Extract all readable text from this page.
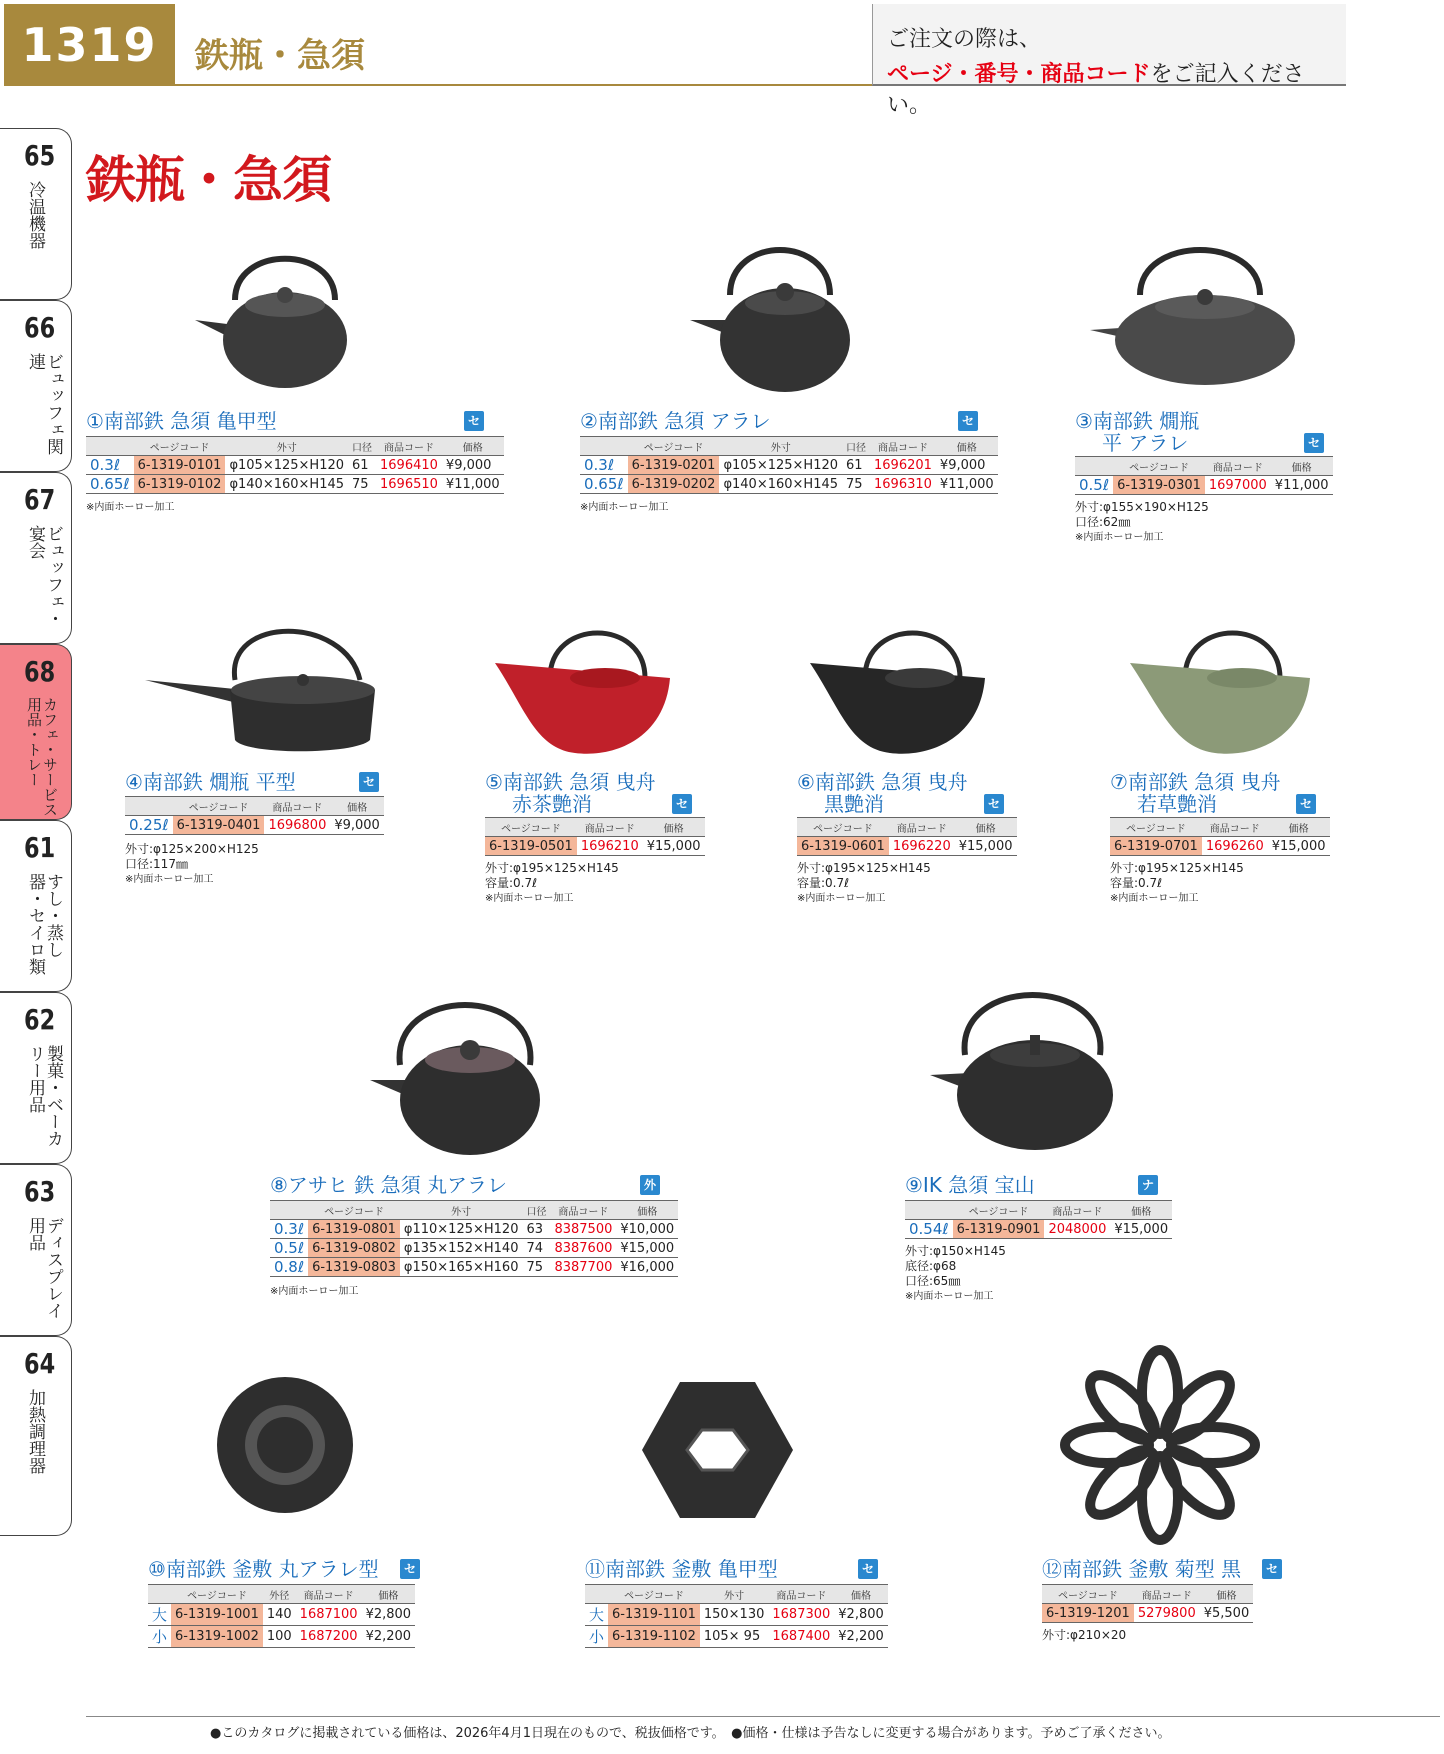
1319	鉄瓶・急須	ご注文の際は、
ページ・番号・商品コードをご記入ください。
65
冷温機器
66
ビュッフェ関連
67
ビュッフェ・宴会
68
カフェ・サービス用品・トレー
61
すし・蒸し器・セイロ類
62
製菓・ベーカリー用品
63
ディスプレイ用品
64
加熱調理器
鉄瓶・急須
①南部鉄 急須 亀甲型	セ
	ページコード	外寸	口径	商品コード	価格
0.3ℓ	6-1319-0101	φ105×125×H120	61	1696410	¥9,000
0.65ℓ	6-1319-0102	φ140×160×H145	75	1696510	¥11,000
※内面ホーロー加工
②南部鉄 急須 アラレ	セ
	ページコード	外寸	口径	商品コード	価格
0.3ℓ	6-1319-0201	φ105×125×H120	61	1696201	¥9,000
0.65ℓ	6-1319-0202	φ140×160×H145	75	1696310	¥11,000
※内面ホーロー加工
③南部鉄 燗瓶
平 アラレ	セ
	ページコード	商品コード	価格
0.5ℓ	6-1319-0301	1697000	¥11,000
外寸:φ155×190×H125
口径:62㎜
※内面ホーロー加工
④南部鉄 燗瓶 平型	セ
	ページコード	商品コード	価格
0.25ℓ	6-1319-0401	1696800	¥9,000
外寸:φ125×200×H125
口径:117㎜
※内面ホーロー加工
⑤南部鉄 急須 曳舟
赤茶艶消	セ
ページコード	商品コード	価格
6-1319-0501	1696210	¥15,000
外寸:φ195×125×H145
容量:0.7ℓ
※内面ホーロー加工
⑥南部鉄 急須 曳舟
黒艶消	セ
ページコード	商品コード	価格
6-1319-0601	1696220	¥15,000
外寸:φ195×125×H145
容量:0.7ℓ
※内面ホーロー加工
⑦南部鉄 急須 曳舟
若草艶消	セ
ページコード	商品コード	価格
6-1319-0701	1696260	¥15,000
外寸:φ195×125×H145
容量:0.7ℓ
※内面ホーロー加工
⑧アサヒ 鉄 急須 丸アラレ	外
	ページコード	外寸	口径	商品コード	価格
0.3ℓ	6-1319-0801	φ110×125×H120	63	8387500	¥10,000
0.5ℓ	6-1319-0802	φ135×152×H140	74	8387600	¥15,000
0.8ℓ	6-1319-0803	φ150×165×H160	75	8387700	¥16,000
※内面ホーロー加工
⑨IK 急須 宝山	ナ
	ページコード	商品コード	価格
0.54ℓ	6-1319-0901	2048000	¥15,000
外寸:φ150×H145
底径:φ68
口径:65㎜
※内面ホーロー加工
⑩南部鉄 釜敷 丸アラレ型	セ
	ページコード	外径	商品コード	価格
大	6-1319-1001	140	1687100	¥2,800
小	6-1319-1002	100	1687200	¥2,200
⑪南部鉄 釜敷 亀甲型	セ
	ページコード	外寸	商品コード	価格
大	6-1319-1101	150×130	1687300	¥2,800
小	6-1319-1102	105× 95	1687400	¥2,200
⑫南部鉄 釜敷 菊型 黒	セ
ページコード	商品コード	価格
6-1319-1201	5279800	¥5,500
外寸:φ210×20
●このカタログに掲載されている価格は、2026年4月1日現在のもので、税抜価格です。　●価格・仕様は予告なしに変更する場合があります。予めご了承ください。
